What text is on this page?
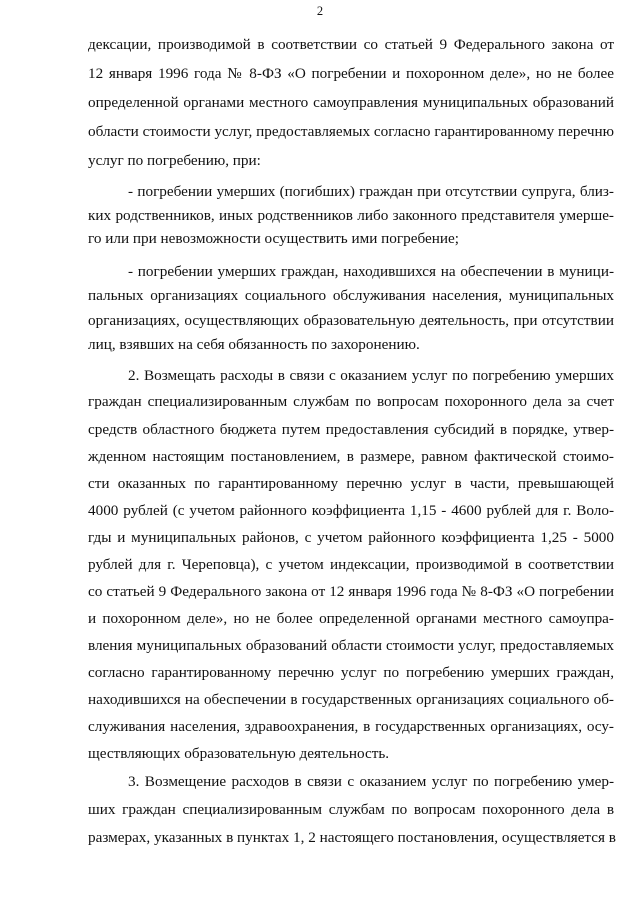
2
дексации, производимой в соответствии со статьей 9 Федерального закона от
12 января 1996 года № 8-ФЗ «О погребении и похоронном деле», но не более
определенной органами местного самоуправления муниципальных образований
области стоимости услуг, предоставляемых согласно гарантированному перечню
услуг по погребению, при:
- погребении умерших (погибших) граждан при отсутствии супруга, близ-
ких родственников, иных родственников либо законного представителя умерше-
го или при невозможности осуществить ими погребение;
- погребении умерших граждан, находившихся на обеспечении в муници-
пальных организациях социального обслуживания населения, муниципальных
организациях, осуществляющих образовательную деятельность, при отсутствии
лиц, взявших на себя обязанность по захоронению.
2. Возмещать расходы в связи с оказанием услуг по погребению умерших
граждан специализированным службам по вопросам похоронного дела за счет
средств областного бюджета путем предоставления субсидий в порядке, утвер-
жденном настоящим постановлением, в размере, равном фактической стоимо-
сти оказанных по гарантированному перечню услуг в части, превышающей
4000 рублей (с учетом районного коэффициента 1,15 - 4600 рублей для г. Воло-
гды и муниципальных районов, с учетом районного коэффициента 1,25 - 5000
рублей для г. Череповца), с учетом индексации, производимой в соответствии
со статьей 9 Федерального закона от 12 января 1996 года № 8-ФЗ «О погребении
и похоронном деле», но не более определенной органами местного самоупра-
вления муниципальных образований области стоимости услуг, предоставляемых
согласно гарантированному перечню услуг по погребению умерших граждан,
находившихся на обеспечении в государственных организациях социального об-
служивания населения, здравоохранения, в государственных организациях, осу-
ществляющих образовательную деятельность.
3. Возмещение расходов в связи с оказанием услуг по погребению умер-
ших граждан специализированным службам по вопросам похоронного дела в
размерах, указанных в пунктах 1, 2 настоящего постановления, осуществляется в
